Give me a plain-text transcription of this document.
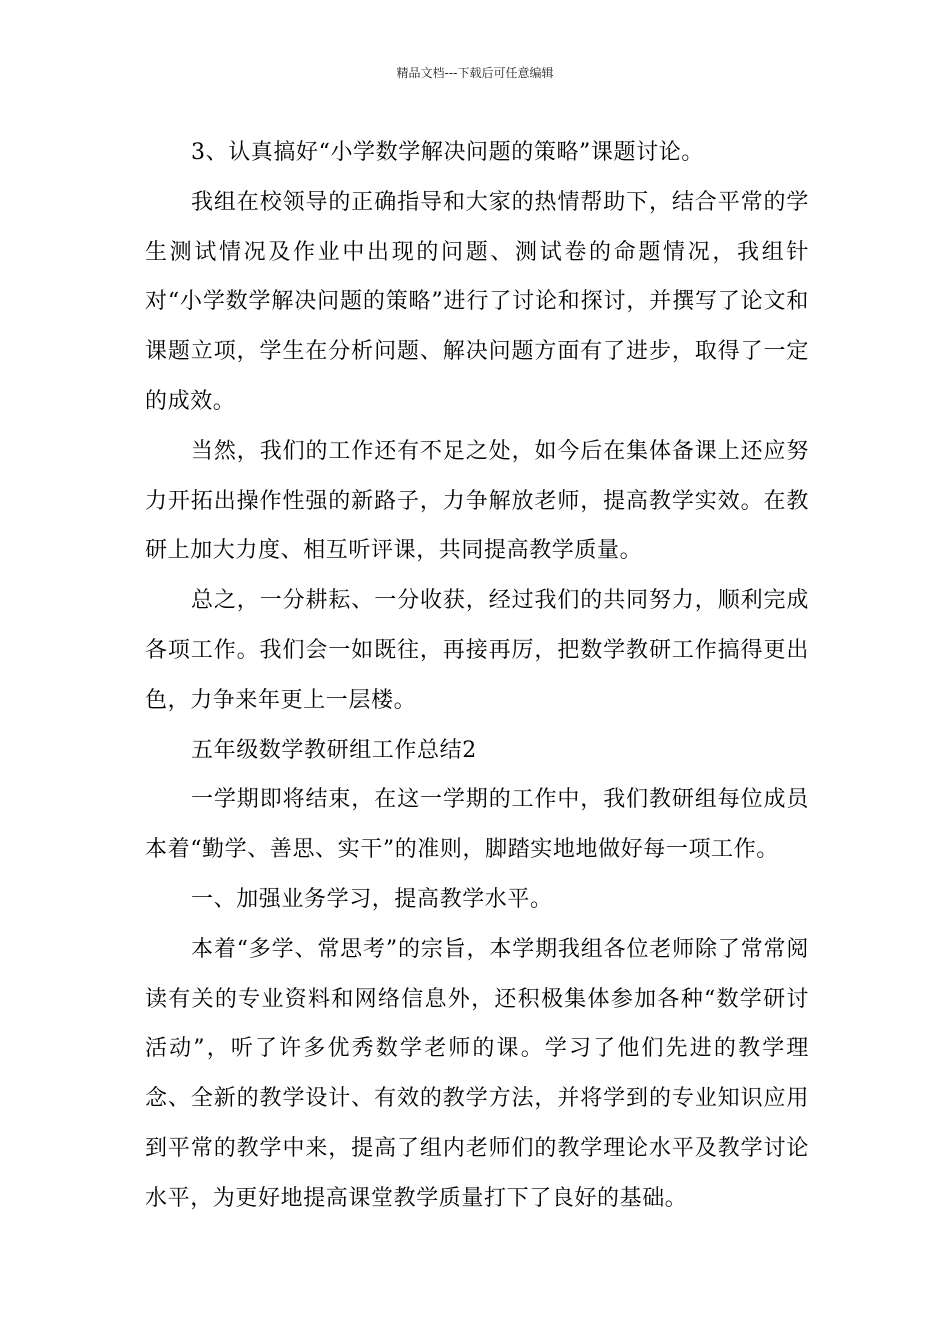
精品文档---下载后可任意编辑

3、认真搞好“小学数学解决问题的策略”课题讨论。

我组在校领导的正确指导和大家的热情帮助下，结合平常的学生测试情况及作业中出现的问题、测试卷的命题情况，我组针对“小学数学解决问题的策略”进行了讨论和探讨，并撰写了论文和课题立项，学生在分析问题、解决问题方面有了进步，取得了一定的成效。

当然，我们的工作还有不足之处，如今后在集体备课上还应努力开拓出操作性强的新路子，力争解放老师，提高教学实效。在教研上加大力度、相互听评课，共同提高教学质量。

总之，一分耕耘、一分收获，经过我们的共同努力，顺利完成各项工作。我们会一如既往，再接再厉，把数学教研工作搞得更出色，力争来年更上一层楼。

五年级数学教研组工作总结2

一学期即将结束，在这一学期的工作中，我们教研组每位成员本着“勤学、善思、实干”的准则，脚踏实地地做好每一项工作。

一、加强业务学习，提高教学水平。

本着“多学、常思考”的宗旨，本学期我组各位老师除了常常阅读有关的专业资料和网络信息外，还积极集体参加各种“数学研讨活动”，听了许多优秀数学老师的课。学习了他们先进的教学理念、全新的教学设计、有效的教学方法，并将学到的专业知识应用到平常的教学中来，提高了组内老师们的教学理论水平及教学讨论水平，为更好地提高课堂教学质量打下了良好的基础。
